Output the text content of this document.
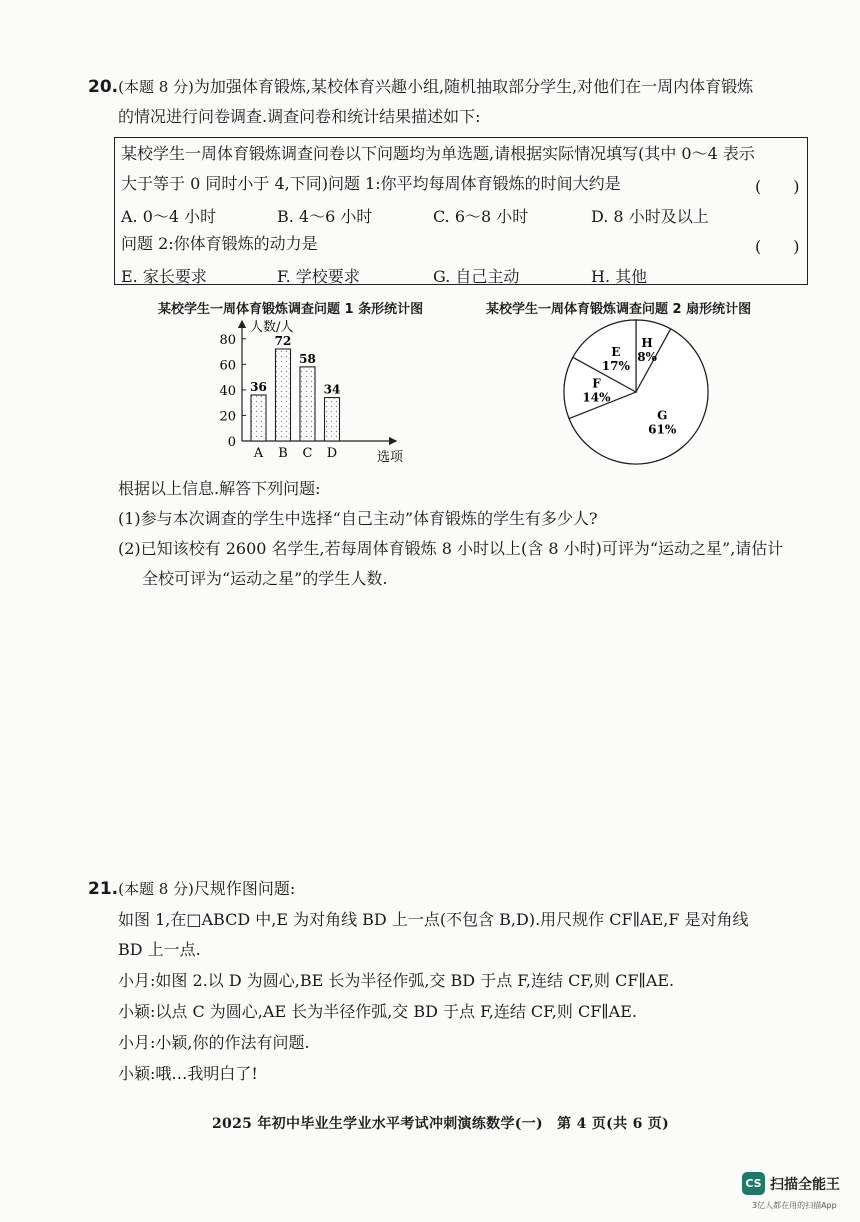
20.(本题 8 分)为加强体育锻炼,某校体育兴趣小组,随机抽取部分学生,对他们在一周内体育锻炼
的情况进行问卷调查.调查问卷和统计结果描述如下:
某校学生一周体育锻炼调查问卷以下问题均为单选题,请根据实际情况填写(其中 0～4 表示
大于等于 0 同时小于 4,下同)问题 1:你平均每周体育锻炼的时间大约是	(　　)
A. 0～4 小时	B. 4～6 小时	C. 6～8 小时	D. 8 小时及以上
问题 2:你体育锻炼的动力是	(　　)
E. 家长要求	F. 学校要求	G. 自己主动	H. 其他
某校学生一周体育锻炼调查问题 1 条形统计图	某校学生一周体育锻炼调查问题 2 扇形统计图
人数/人
选项
0
20
40
60
80
36
A
72
B
58
C
34
D
H
8%
G
61%
F
14%
E
17%
根据以上信息.解答下列问题:
(1)参与本次调查的学生中选择“自己主动”体育锻炼的学生有多少人?
(2)已知该校有 2600 名学生,若每周体育锻炼 8 小时以上(含 8 小时)可评为“运动之星”,请估计
全校可评为“运动之星”的学生人数.
21.(本题 8 分)尺规作图问题:
如图 1,在□ABCD 中,E 为对角线 BD 上一点(不包含 B,D).用尺规作 CF∥AE,F 是对角线
BD 上一点.
小月:如图 2.以 D 为圆心,BE 长为半径作弧,交 BD 于点 F,连结 CF,则 CF∥AE.
小颖:以点 C 为圆心,AE 长为半径作弧,交 BD 于点 F,连结 CF,则 CF∥AE.
小月:小颖,你的作法有问题.
小颖:哦…我明白了!
2025 年初中毕业生学业水平考试冲刺演练数学(一)　第 4 页(共 6 页)
CS 扫描全能王
3亿人都在用的扫描App
